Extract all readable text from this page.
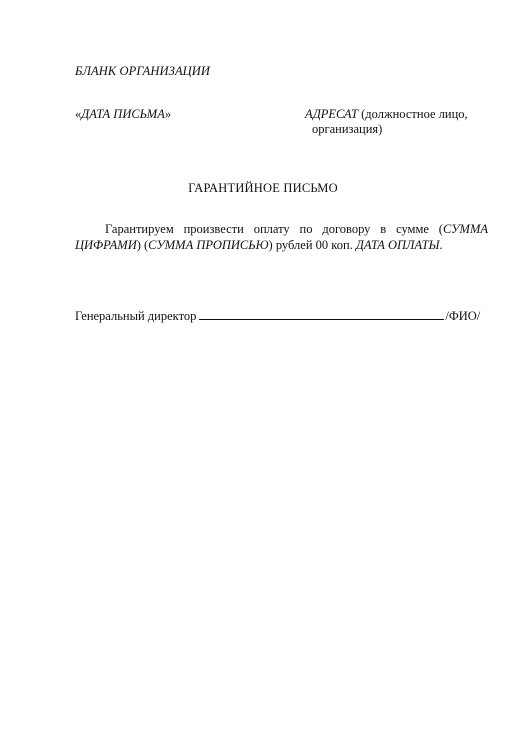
БЛАНК ОРГАНИЗАЦИИ
«ДАТА ПИСЬМА»	АДРЕСАТ (должностное лицо,
организация)
ГАРАНТИЙНОЕ ПИСЬМО
Гарантируем произвести оплату по договору в сумме (СУММА ЦИФРАМИ) (СУММА ПРОПИСЬЮ) рублей 00 коп. ДАТА ОПЛАТЫ.
Генеральный директор	/ФИО/
